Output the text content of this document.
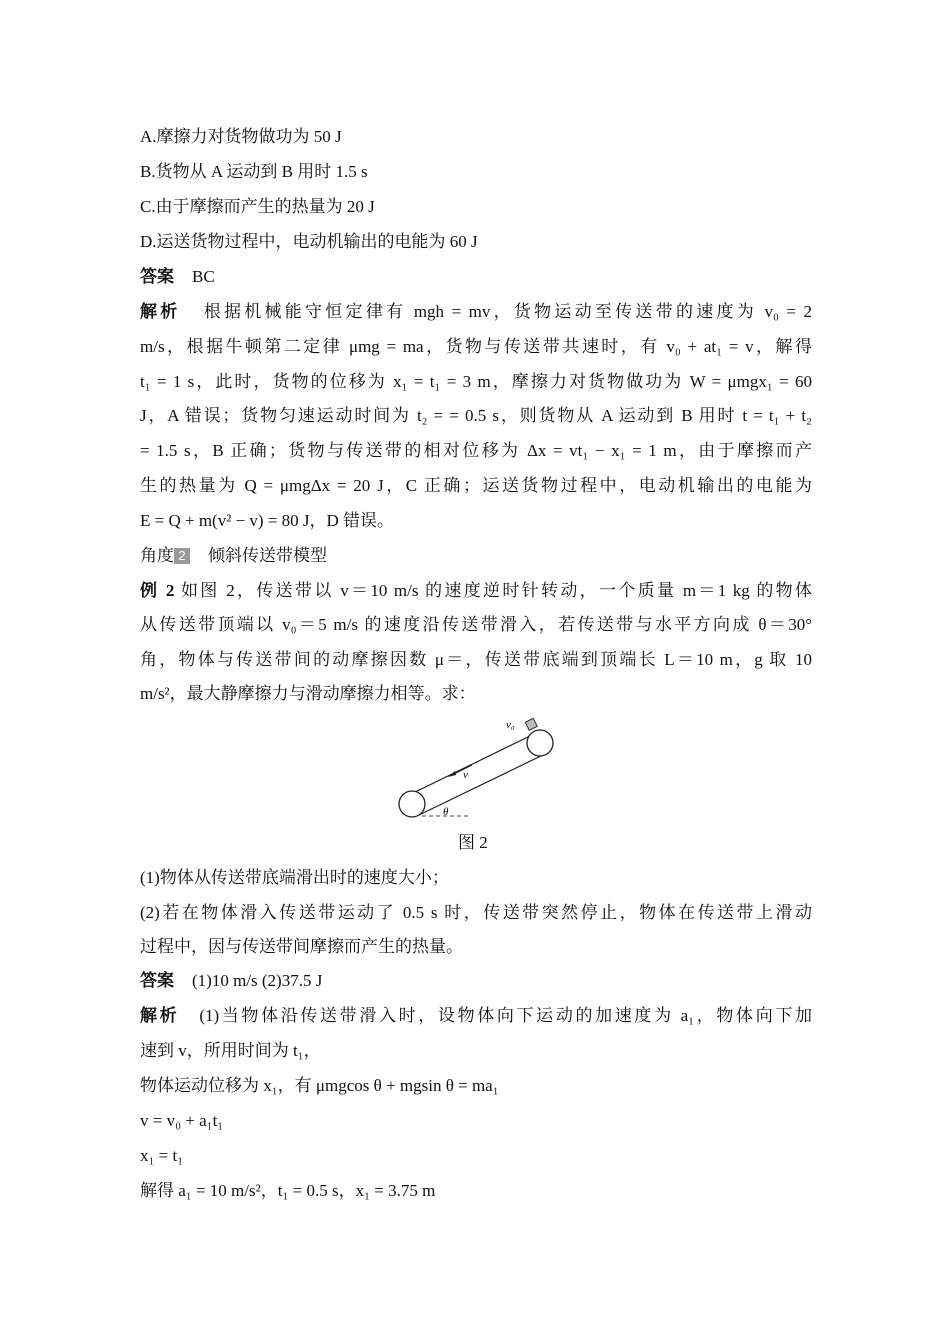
A.摩擦力对货物做功为 50 J
B.货物从 A 运动到 B 用时 1.5 s
C.由于摩擦而产生的热量为 20 J
D.运送货物过程中，电动机输出的电能为 60 J
答案 BC
解析 根据机械能守恒定律有 mgh = mv，货物运动至传送带的速度为 v₀ = 2
m/s，根据牛顿第二定律 μmg = ma，货物与传送带共速时，有 v₀ + at₁ = v，解得
t₁ = 1 s，此时，货物的位移为 x₁ = t₁ = 3 m，摩擦力对货物做功为 W = μmgx₁ = 60
J，A 错误；货物匀速运动时间为 t₂ = = 0.5 s，则货物从 A 运动到 B 用时 t = t₁ + t₂
= 1.5 s，B 正确；货物与传送带的相对位移为 Δx = vt₁ − x₁ = 1 m，由于摩擦而产
生的热量为 Q = μmgΔx = 20 J，C 正确；运送货物过程中，电动机输出的电能为
E = Q + m(v² − v) = 80 J，D 错误。
角度 2 倾斜传送带模型
例 2 如图 2，传送带以 v＝10 m/s 的速度逆时针转动，一个质量 m＝1 kg 的物体
从传送带顶端以 v₀＝5 m/s 的速度沿传送带滑入，若传送带与水平方向成 θ＝30°
角，物体与传送带间的动摩擦因数 μ＝，传送带底端到顶端长 L＝10 m，g 取 10
m/s²，最大静摩擦力与滑动摩擦力相等。求：
v₀
v
θ
图 2
(1)物体从传送带底端滑出时的速度大小；
(2)若在物体滑入传送带运动了 0.5 s 时，传送带突然停止，物体在传送带上滑动
过程中，因与传送带间摩擦而产生的热量。
答案 (1)10 m/s (2)37.5 J
解析 (1)当物体沿传送带滑入时，设物体向下运动的加速度为 a₁，物体向下加
速到 v，所用时间为 t₁，
物体运动位移为 x₁，有 μmgcos θ + mgsin θ = ma₁
v = v₀ + a₁t₁
x₁ = t₁
解得 a₁ = 10 m/s²，t₁ = 0.5 s，x₁ = 3.75 m
